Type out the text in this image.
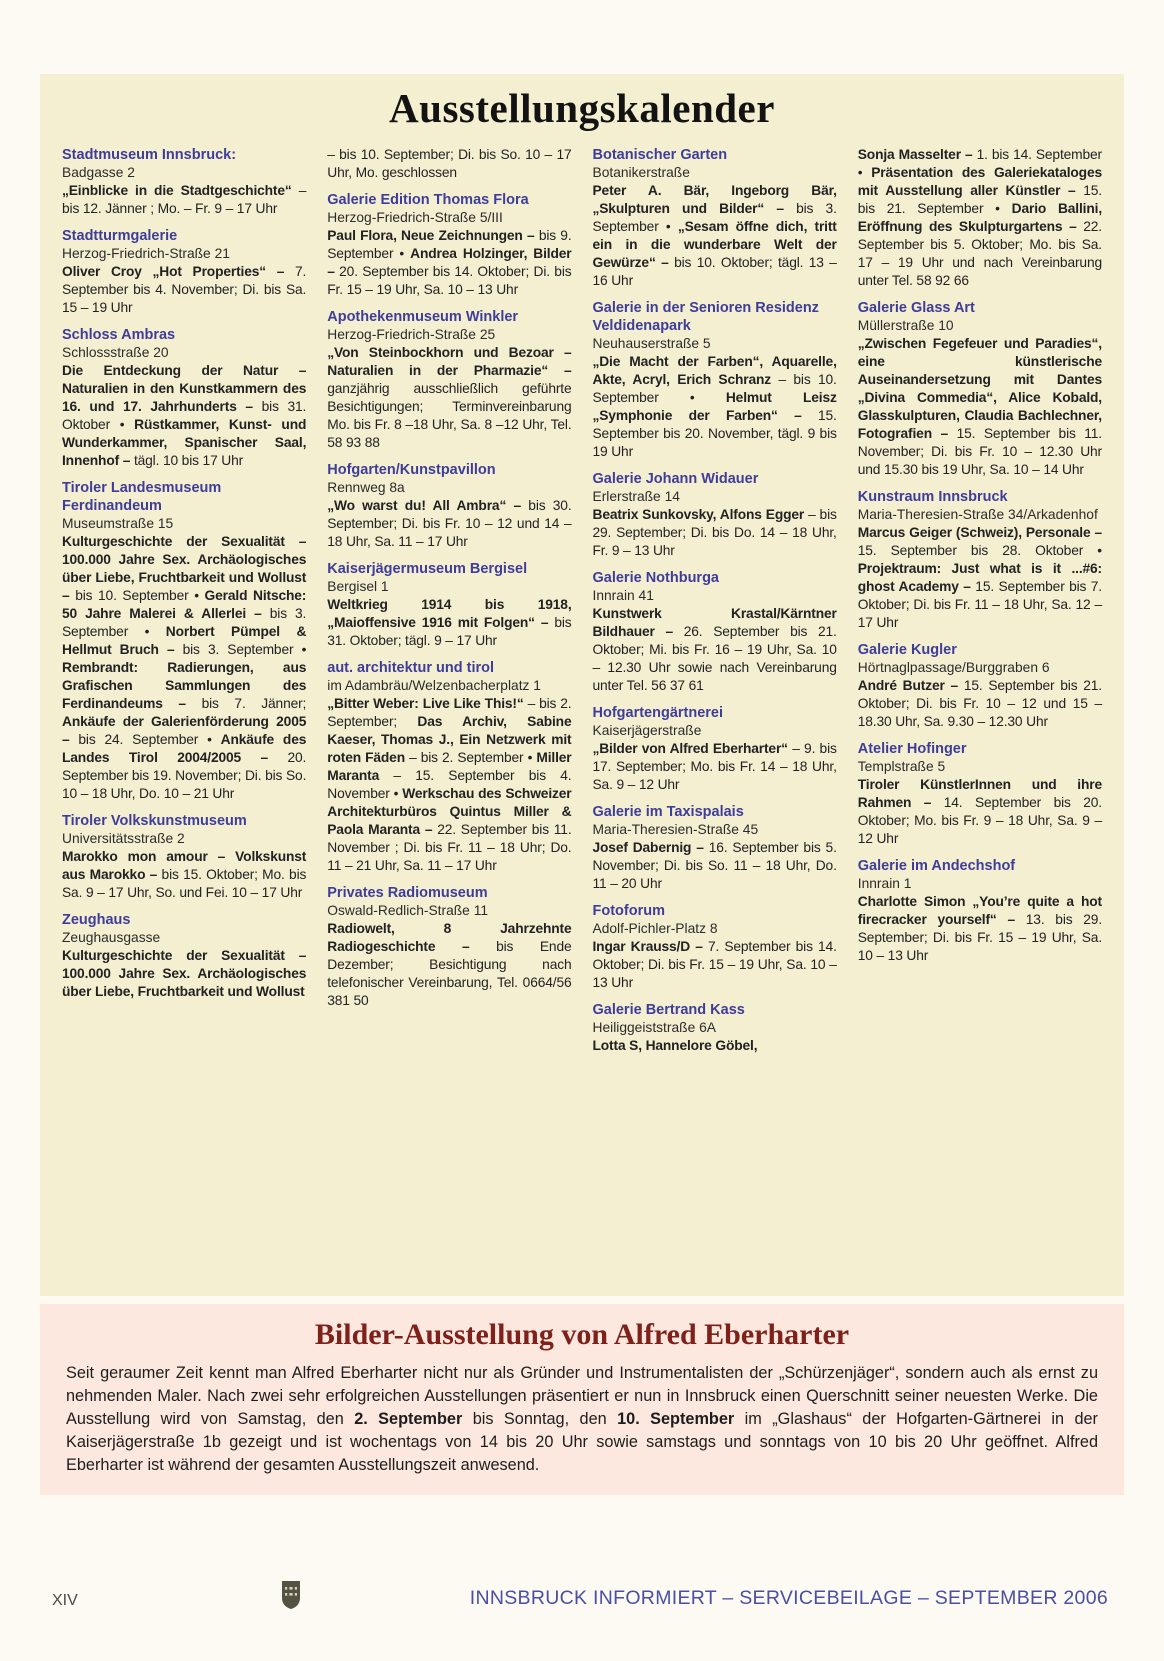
Ausstellungskalender
Stadtmuseum Innsbruck:
Badgasse 2
„Einblicke in die Stadtgeschichte“ – bis 12. Jänner ; Mo. – Fr. 9 – 17 Uhr
Stadtturmgalerie
Herzog-Friedrich-Straße 21
Oliver Croy „Hot Properties“ – 7. September bis 4. November; Di. bis Sa. 15 – 19 Uhr
Schloss Ambras
Schlossstraße 20
Die Entdeckung der Natur – Naturalien in den Kunstkammern des 16. und 17. Jahrhunderts – bis 31. Oktober • Rüstkammer, Kunst- und Wunderkammer, Spanischer Saal, Innenhof – tägl. 10 bis 17 Uhr
Tiroler Landesmuseum Ferdinandeum
Museumstraße 15
Kulturgeschichte der Sexualität – 100.000 Jahre Sex. Archäologisches über Liebe, Fruchtbarkeit und Wollust – bis 10. September • Gerald Nitsche: 50 Jahre Malerei & Allerlei – bis 3. September • Norbert Pümpel & Hellmut Bruch – bis 3. September • Rembrandt: Radierungen, aus Grafischen Sammlungen des Ferdinandeums – bis 7. Jänner; Ankäufe der Galerienförderung 2005 – bis 24. September • Ankäufe des Landes Tirol 2004/2005 – 20. September bis 19. November; Di. bis So. 10 – 18 Uhr, Do. 10 – 21 Uhr
Tiroler Volkskunstmuseum
Universitätsstraße 2
Marokko mon amour – Volkskunst aus Marokko – bis 15. Oktober; Mo. bis Sa. 9 – 17 Uhr, So. und Fei. 10 – 17 Uhr
Zeughaus
Zeughausgasse
Kulturgeschichte der Sexualität – 100.000 Jahre Sex. Archäologisches über Liebe, Fruchtbarkeit und Wollust
– bis 10. September; Di. bis So. 10 – 17 Uhr, Mo. geschlossen
Galerie Edition Thomas Flora
Herzog-Friedrich-Straße 5/III
Paul Flora, Neue Zeichnungen – bis 9. September • Andrea Holzinger, Bilder – 20. September bis 14. Oktober; Di. bis Fr. 15 – 19 Uhr, Sa. 10 – 13 Uhr
Apothekenmuseum Winkler
Herzog-Friedrich-Straße 25
„Von Steinbockhorn und Bezoar – Naturalien in der Pharmazie“ – ganzjährig ausschließlich geführte Besichtigungen; Terminvereinbarung Mo. bis Fr. 8 –18 Uhr, Sa. 8 –12 Uhr, Tel. 58 93 88
Hofgarten/Kunstpavillon
Rennweg 8a
„Wo warst du! All Ambra“ – bis 30. September; Di. bis Fr. 10 – 12 und 14 – 18 Uhr, Sa. 11 – 17 Uhr
Kaiserjägermuseum Bergisel
Bergisel 1
Weltkrieg 1914 bis 1918, „Maioffensive 1916 mit Folgen“ – bis 31. Oktober; tägl. 9 – 17 Uhr
aut. architektur und tirol
im Adambräu/Welzenbacherplatz 1
„Bitter Weber: Live Like This!“ – bis 2. September; Das Archiv, Sabine Kaeser, Thomas J., Ein Netzwerk mit roten Fäden – bis 2. September • Miller Maranta – 15. September bis 4. November • Werkschau des Schweizer Architekturbüros Quintus Miller & Paola Maranta – 22. September bis 11. November ; Di. bis Fr. 11 – 18 Uhr; Do. 11 – 21 Uhr, Sa. 11 – 17 Uhr
Privates Radiomuseum
Oswald-Redlich-Straße 11
Radiowelt, 8 Jahrzehnte Radiogeschichte – bis Ende Dezember; Besichtigung nach telefonischer Vereinbarung, Tel. 0664/56 381 50
Botanischer Garten
Botanikerstraße
Peter A. Bär, Ingeborg Bär, „Skulpturen und Bilder“ – bis 3. September • „Sesam öffne dich, tritt ein in die wunderbare Welt der Gewürze“ – bis 10. Oktober; tägl. 13 – 16 Uhr
Galerie in der Senioren Residenz Veldidenapark
Neuhauserstraße 5
„Die Macht der Farben“, Aquarelle, Akte, Acryl, Erich Schranz – bis 10. September • Helmut Leisz „Symphonie der Farben“ – 15. September bis 20. November, tägl. 9 bis 19 Uhr
Galerie Johann Widauer
Erlerstraße 14
Beatrix Sunkovsky, Alfons Egger – bis 29. September; Di. bis Do. 14 – 18 Uhr, Fr. 9 – 13 Uhr
Galerie Nothburga
Innrain 41
Kunstwerk Krastal/Kärntner Bildhauer – 26. September bis 21. Oktober; Mi. bis Fr. 16 – 19 Uhr, Sa. 10 – 12.30 Uhr sowie nach Vereinbarung unter Tel. 56 37 61
Hofgartengärtnerei
Kaiserjägerstraße
„Bilder von Alfred Eberharter“ – 9. bis 17. September; Mo. bis Fr. 14 – 18 Uhr, Sa. 9 – 12 Uhr
Galerie im Taxispalais
Maria-Theresien-Straße 45
Josef Dabernig – 16. September bis 5. November; Di. bis So. 11 – 18 Uhr, Do. 11 – 20 Uhr
Fotoforum
Adolf-Pichler-Platz 8
Ingar Krauss/D – 7. September bis 14. Oktober; Di. bis Fr. 15 – 19 Uhr, Sa. 10 – 13 Uhr
Galerie Bertrand Kass
Heiliggeiststraße 6A
Lotta S, Hannelore Göbel,
Sonja Masselter – 1. bis 14. September • Präsentation des Galeriekataloges mit Ausstellung aller Künstler – 15. bis 21. September • Dario Ballini, Eröffnung des Skulpturgartens – 22. September bis 5. Oktober; Mo. bis Sa. 17 – 19 Uhr und nach Vereinbarung unter Tel. 58 92 66
Galerie Glass Art
Müllerstraße 10
„Zwischen Fegefeuer und Paradies“, eine künstlerische Auseinandersetzung mit Dantes „Divina Commedia“, Alice Kobald, Glasskulpturen, Claudia Bachlechner, Fotografien – 15. September bis 11. November; Di. bis Fr. 10 – 12.30 Uhr und 15.30 bis 19 Uhr, Sa. 10 – 14 Uhr
Kunstraum Innsbruck
Maria-Theresien-Straße 34/Arkadenhof
Marcus Geiger (Schweiz), Personale – 15. September bis 28. Oktober • Projektraum: Just what is it ...#6: ghost Academy – 15. September bis 7. Oktober; Di. bis Fr. 11 – 18 Uhr, Sa. 12 – 17 Uhr
Galerie Kugler
Hörtnaglpassage/Burggraben 6
André Butzer – 15. September bis 21. Oktober; Di. bis Fr. 10 – 12 und 15 – 18.30 Uhr, Sa. 9.30 – 12.30 Uhr
Atelier Hofinger
Templstraße 5
Tiroler KünstlerInnen und ihre Rahmen – 14. September bis 20. Oktober; Mo. bis Fr. 9 – 18 Uhr, Sa. 9 – 12 Uhr
Galerie im Andechshof
Innrain 1
Charlotte Simon „You’re quite a hot firecracker yourself“ – 13. bis 29. September; Di. bis Fr. 15 – 19 Uhr, Sa. 10 – 13 Uhr
Bilder-Ausstellung von Alfred Eberharter

Seit geraumer Zeit kennt man Alfred Eberharter nicht nur als Gründer und Instrumentalisten der „Schürzenjäger“, sondern auch als ernst zu nehmenden Maler. Nach zwei sehr erfolgreichen Ausstellungen präsentiert er nun in Innsbruck einen Querschnitt seiner neuesten Werke. Die Ausstellung wird von Samstag, den 2. September bis Sonntag, den 10. September im „Glashaus“ der Hofgarten-Gärtnerei in der Kaiserjägerstraße 1b gezeigt und ist wochentags von 14 bis 20 Uhr sowie samstags und sonntags von 10 bis 20 Uhr geöffnet. Alfred Eberharter ist während der gesamten Ausstellungszeit anwesend.

XIV	INNSBRUCK INFORMIERT – SERVICEBEILAGE – SEPTEMBER 2006
